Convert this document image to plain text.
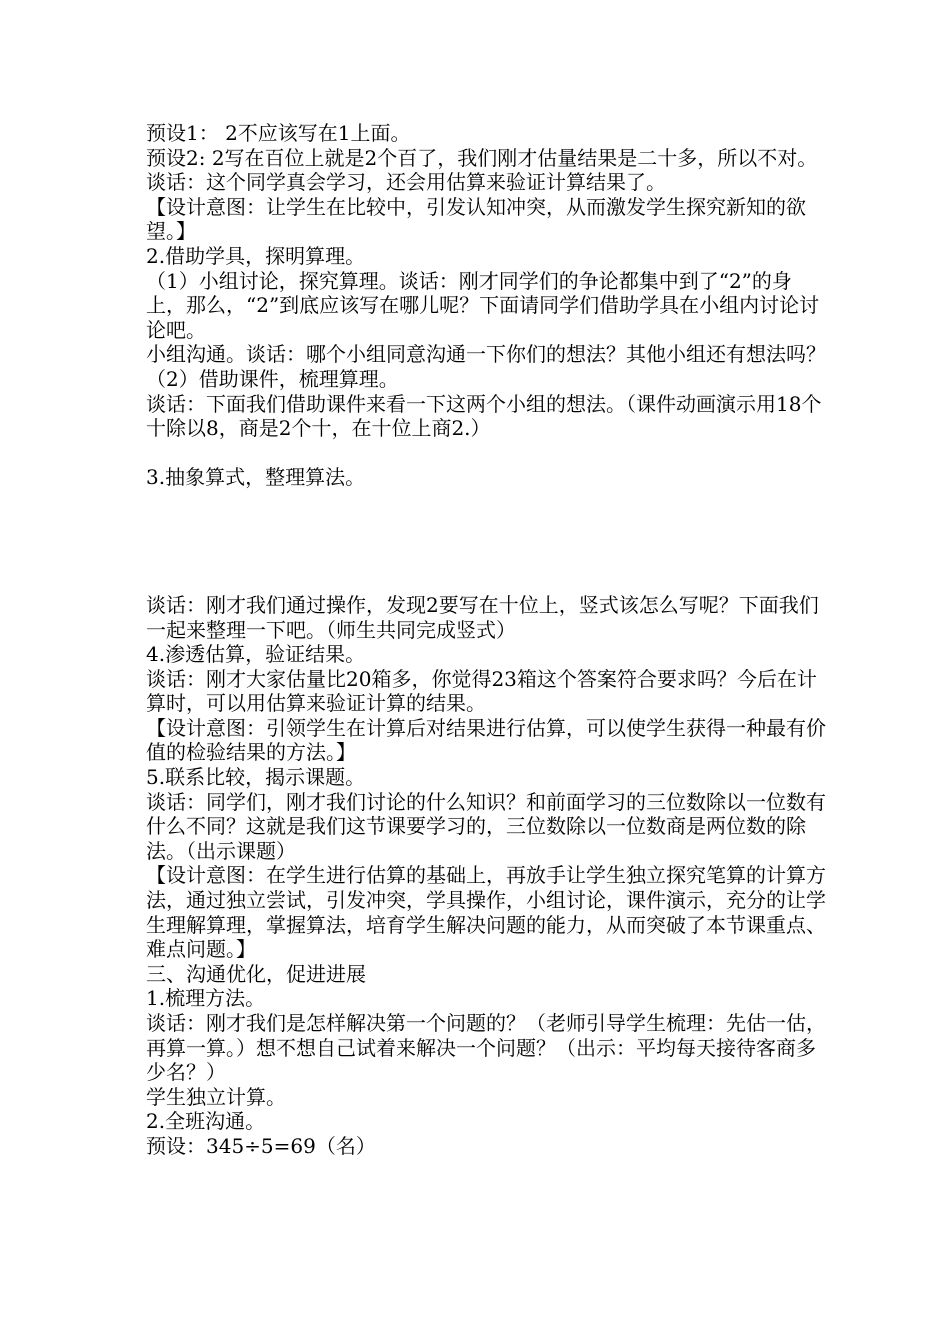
预设1： 2不应该写在1上面。

预设2: 2写在百位上就是2个百了，我们刚才估量结果是二十多，所以不对。

谈话：这个同学真会学习，还会用估算来验证计算结果了。

【设计意图：让学生在比较中，引发认知冲突，从而激发学生探究新知的欲望。】

2.借助学具，探明算理。

（1）小组讨论，探究算理。谈话：刚才同学们的争论都集中到了“2”的身上，那么，“2”到底应该写在哪儿呢？下面请同学们借助学具在小组内讨论讨论吧。

小组沟通。谈话：哪个小组同意沟通一下你们的想法？其他小组还有想法吗？

（2）借助课件，梳理算理。

谈话：下面我们借助课件来看一下这两个小组的想法。（课件动画演示用18个十除以8，商是2个十，在十位上商2.）

3.抽象算式，整理算法。

谈话：刚才我们通过操作，发现2要写在十位上，竖式该怎么写呢？下面我们一起来整理一下吧。（师生共同完成竖式）

4.渗透估算，验证结果。

谈话：刚才大家估量比20箱多，你觉得23箱这个答案符合要求吗？今后在计算时，可以用估算来验证计算的结果。

【设计意图：引领学生在计算后对结果进行估算，可以使学生获得一种最有价值的检验结果的方法。】

5.联系比较，揭示课题。

谈话：同学们，刚才我们讨论的什么知识？和前面学习的三位数除以一位数有什么不同？这就是我们这节课要学习的，三位数除以一位数商是两位数的除法。（出示课题）

【设计意图：在学生进行估算的基础上，再放手让学生独立探究笔算的计算方法，通过独立尝试，引发冲突，学具操作，小组讨论，课件演示，充分的让学生理解算理，掌握算法，培育学生解决问题的能力，从而突破了本节课重点、难点问题。】

三、沟通优化，促进进展

1.梳理方法。

谈话：刚才我们是怎样解决第一个问题的？（老师引导学生梳理：先估一估，再算一算。）想不想自己试着来解决一个问题？（出示：平均每天接待客商多少名？）

学生独立计算。

2.全班沟通。

预设：345÷5=69（名）
